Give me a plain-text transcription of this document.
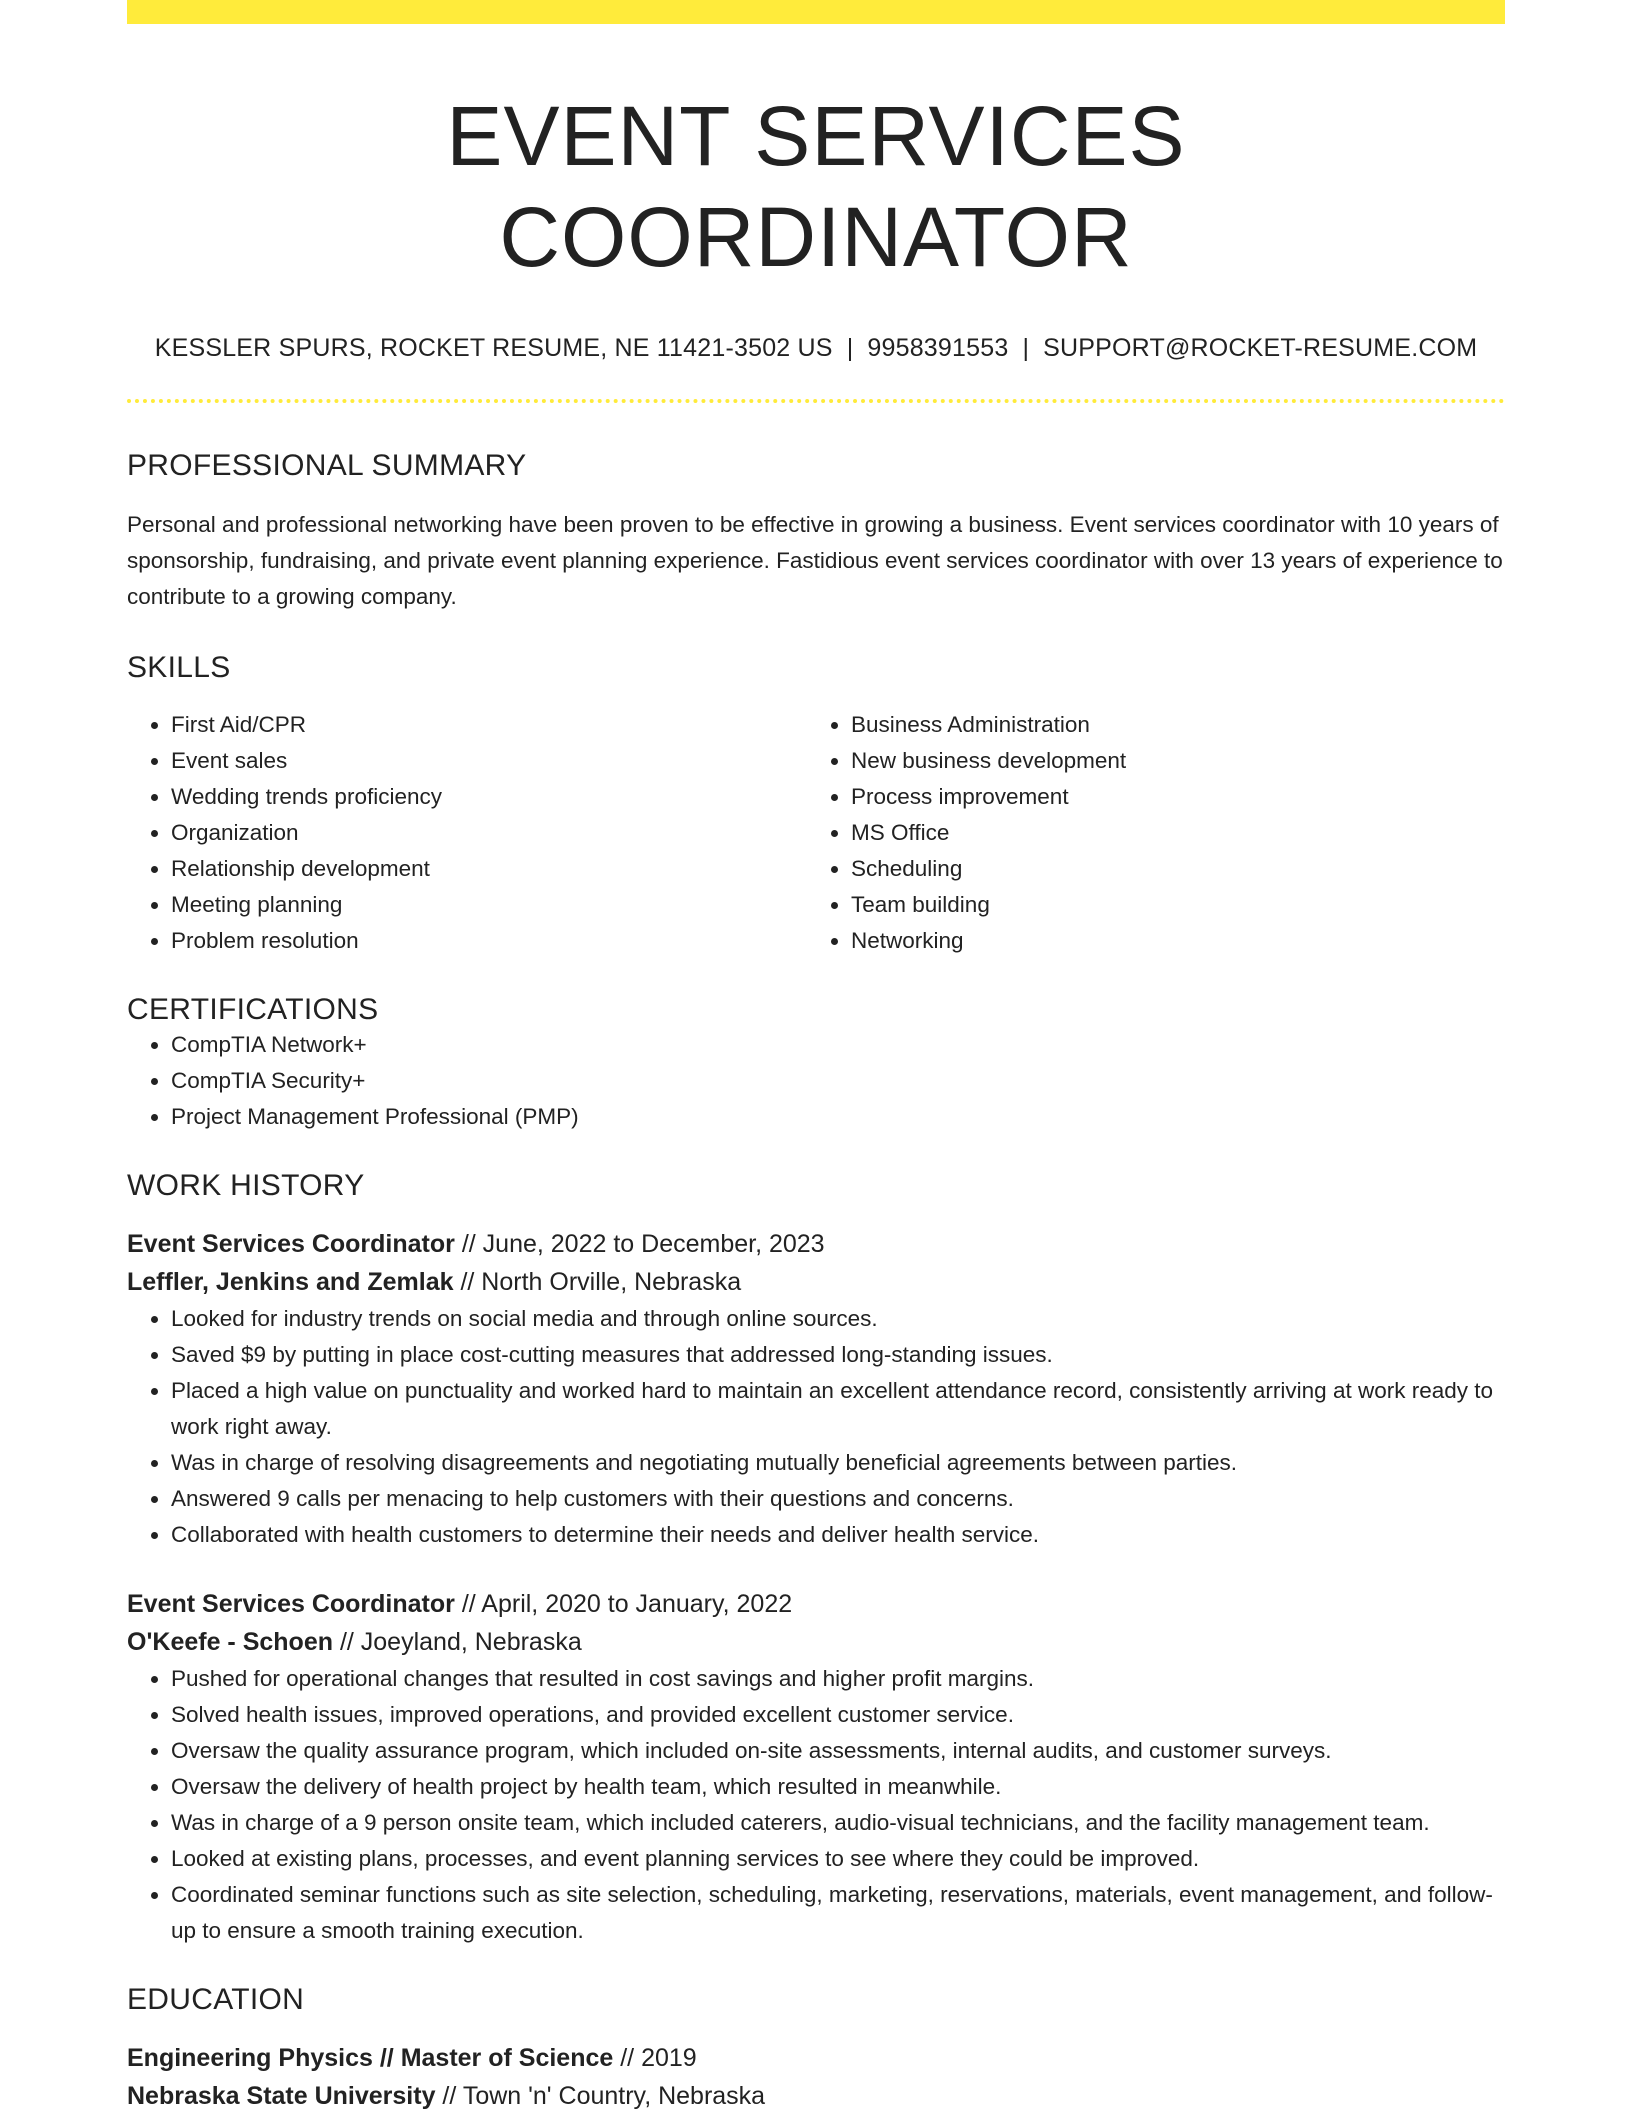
EVENT SERVICES COORDINATOR
KESSLER SPURS, ROCKET RESUME, NE 11421-3502 US | 9958391553 | SUPPORT@ROCKET-RESUME.COM
PROFESSIONAL SUMMARY
Personal and professional networking have been proven to be effective in growing a business. Event services coordinator with 10 years of sponsorship, fundraising, and private event planning experience. Fastidious event services coordinator with over 13 years of experience to contribute to a growing company.
SKILLS
• First Aid/CPR
• Event sales
• Wedding trends proficiency
• Organization
• Relationship development
• Meeting planning
• Problem resolution
• Business Administration
• New business development
• Process improvement
• MS Office
• Scheduling
• Team building
• Networking
CERTIFICATIONS
• CompTIA Network+
• CompTIA Security+
• Project Management Professional (PMP)
WORK HISTORY
Event Services Coordinator // June, 2022 to December, 2023
Leffler, Jenkins and Zemlak // North Orville, Nebraska
• Looked for industry trends on social media and through online sources.
• Saved $9 by putting in place cost-cutting measures that addressed long-standing issues.
• Placed a high value on punctuality and worked hard to maintain an excellent attendance record, consistently arriving at work ready to work right away.
• Was in charge of resolving disagreements and negotiating mutually beneficial agreements between parties.
• Answered 9 calls per menacing to help customers with their questions and concerns.
• Collaborated with health customers to determine their needs and deliver health service.
Event Services Coordinator // April, 2020 to January, 2022
O'Keefe - Schoen // Joeyland, Nebraska
• Pushed for operational changes that resulted in cost savings and higher profit margins.
• Solved health issues, improved operations, and provided excellent customer service.
• Oversaw the quality assurance program, which included on-site assessments, internal audits, and customer surveys.
• Oversaw the delivery of health project by health team, which resulted in meanwhile.
• Was in charge of a 9 person onsite team, which included caterers, audio-visual technicians, and the facility management team.
• Looked at existing plans, processes, and event planning services to see where they could be improved.
• Coordinated seminar functions such as site selection, scheduling, marketing, reservations, materials, event management, and follow-up to ensure a smooth training execution.
EDUCATION
Engineering Physics // Master of Science // 2019
Nebraska State University // Town 'n' Country, Nebraska
